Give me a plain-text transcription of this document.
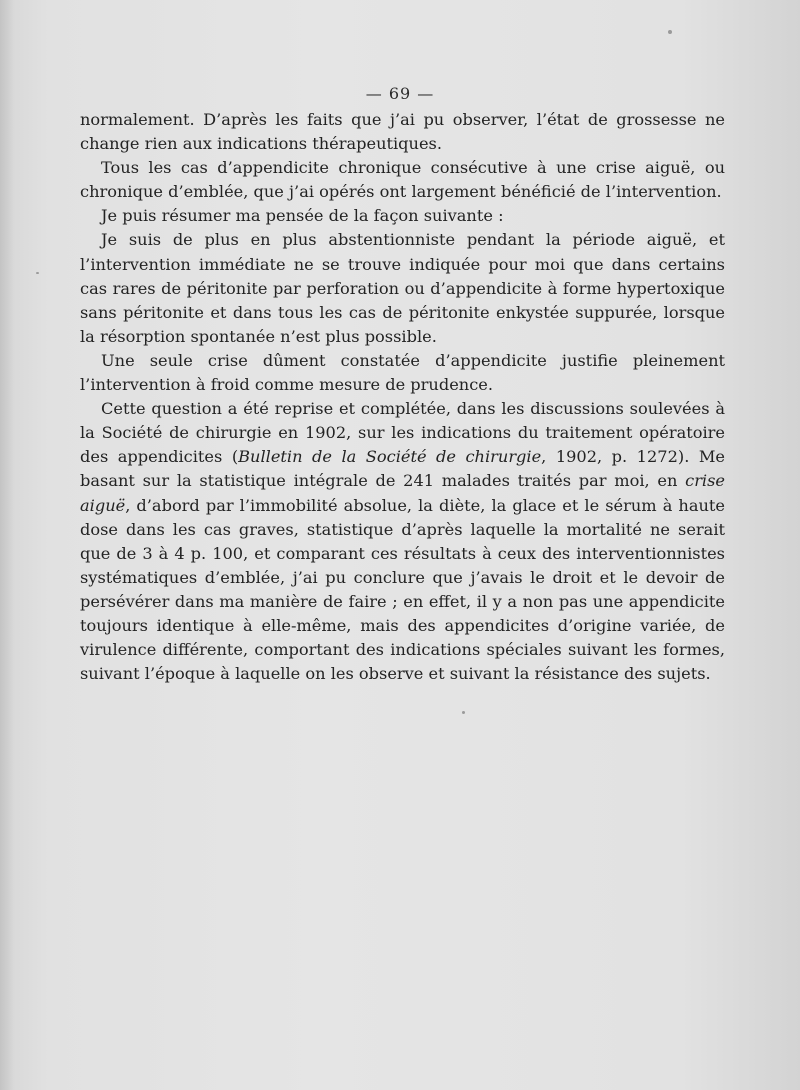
— 69 —

normalement. D’après les faits que j’ai pu observer, l’état de grossesse ne change rien aux indications thérapeutiques.

Tous les cas d’appendicite chronique consécutive à une crise aiguë, ou chronique d’emblée, que j’ai opérés ont largement bénéficié de l’intervention.

Je puis résumer ma pensée de la façon suivante :

Je suis de plus en plus abstentionniste pendant la période aiguë, et l’intervention immédiate ne se trouve indiquée pour moi que dans certains cas rares de péritonite par perforation ou d’appendicite à forme hypertoxique sans péritonite et dans tous les cas de péritonite enkystée suppurée, lorsque la résorption spontanée n’est plus possible.

Une seule crise dûment constatée d’appendicite justifie pleinement l’intervention à froid comme mesure de prudence.

Cette question a été reprise et complétée, dans les discussions soulevées à la Société de chirurgie en 1902, sur les indications du traitement opératoire des appendicites (Bulletin de la Société de chirurgie, 1902, p. 1272). Me basant sur la statistique intégrale de 241 malades traités par moi, en crise aiguë, d’abord par l’immobilité absolue, la diète, la glace et le sérum à haute dose dans les cas graves, statistique d’après laquelle la mortalité ne serait que de 3 à 4 p. 100, et comparant ces résultats à ceux des interventionnistes systématiques d’emblée, j’ai pu conclure que j’avais le droit et le devoir de persévérer dans ma manière de faire ; en effet, il y a non pas une appendicite toujours identique à elle-même, mais des appendicites d’origine variée, de virulence différente, comportant des indications spéciales suivant les formes, suivant l’époque à laquelle on les observe et suivant la résistance des sujets.
